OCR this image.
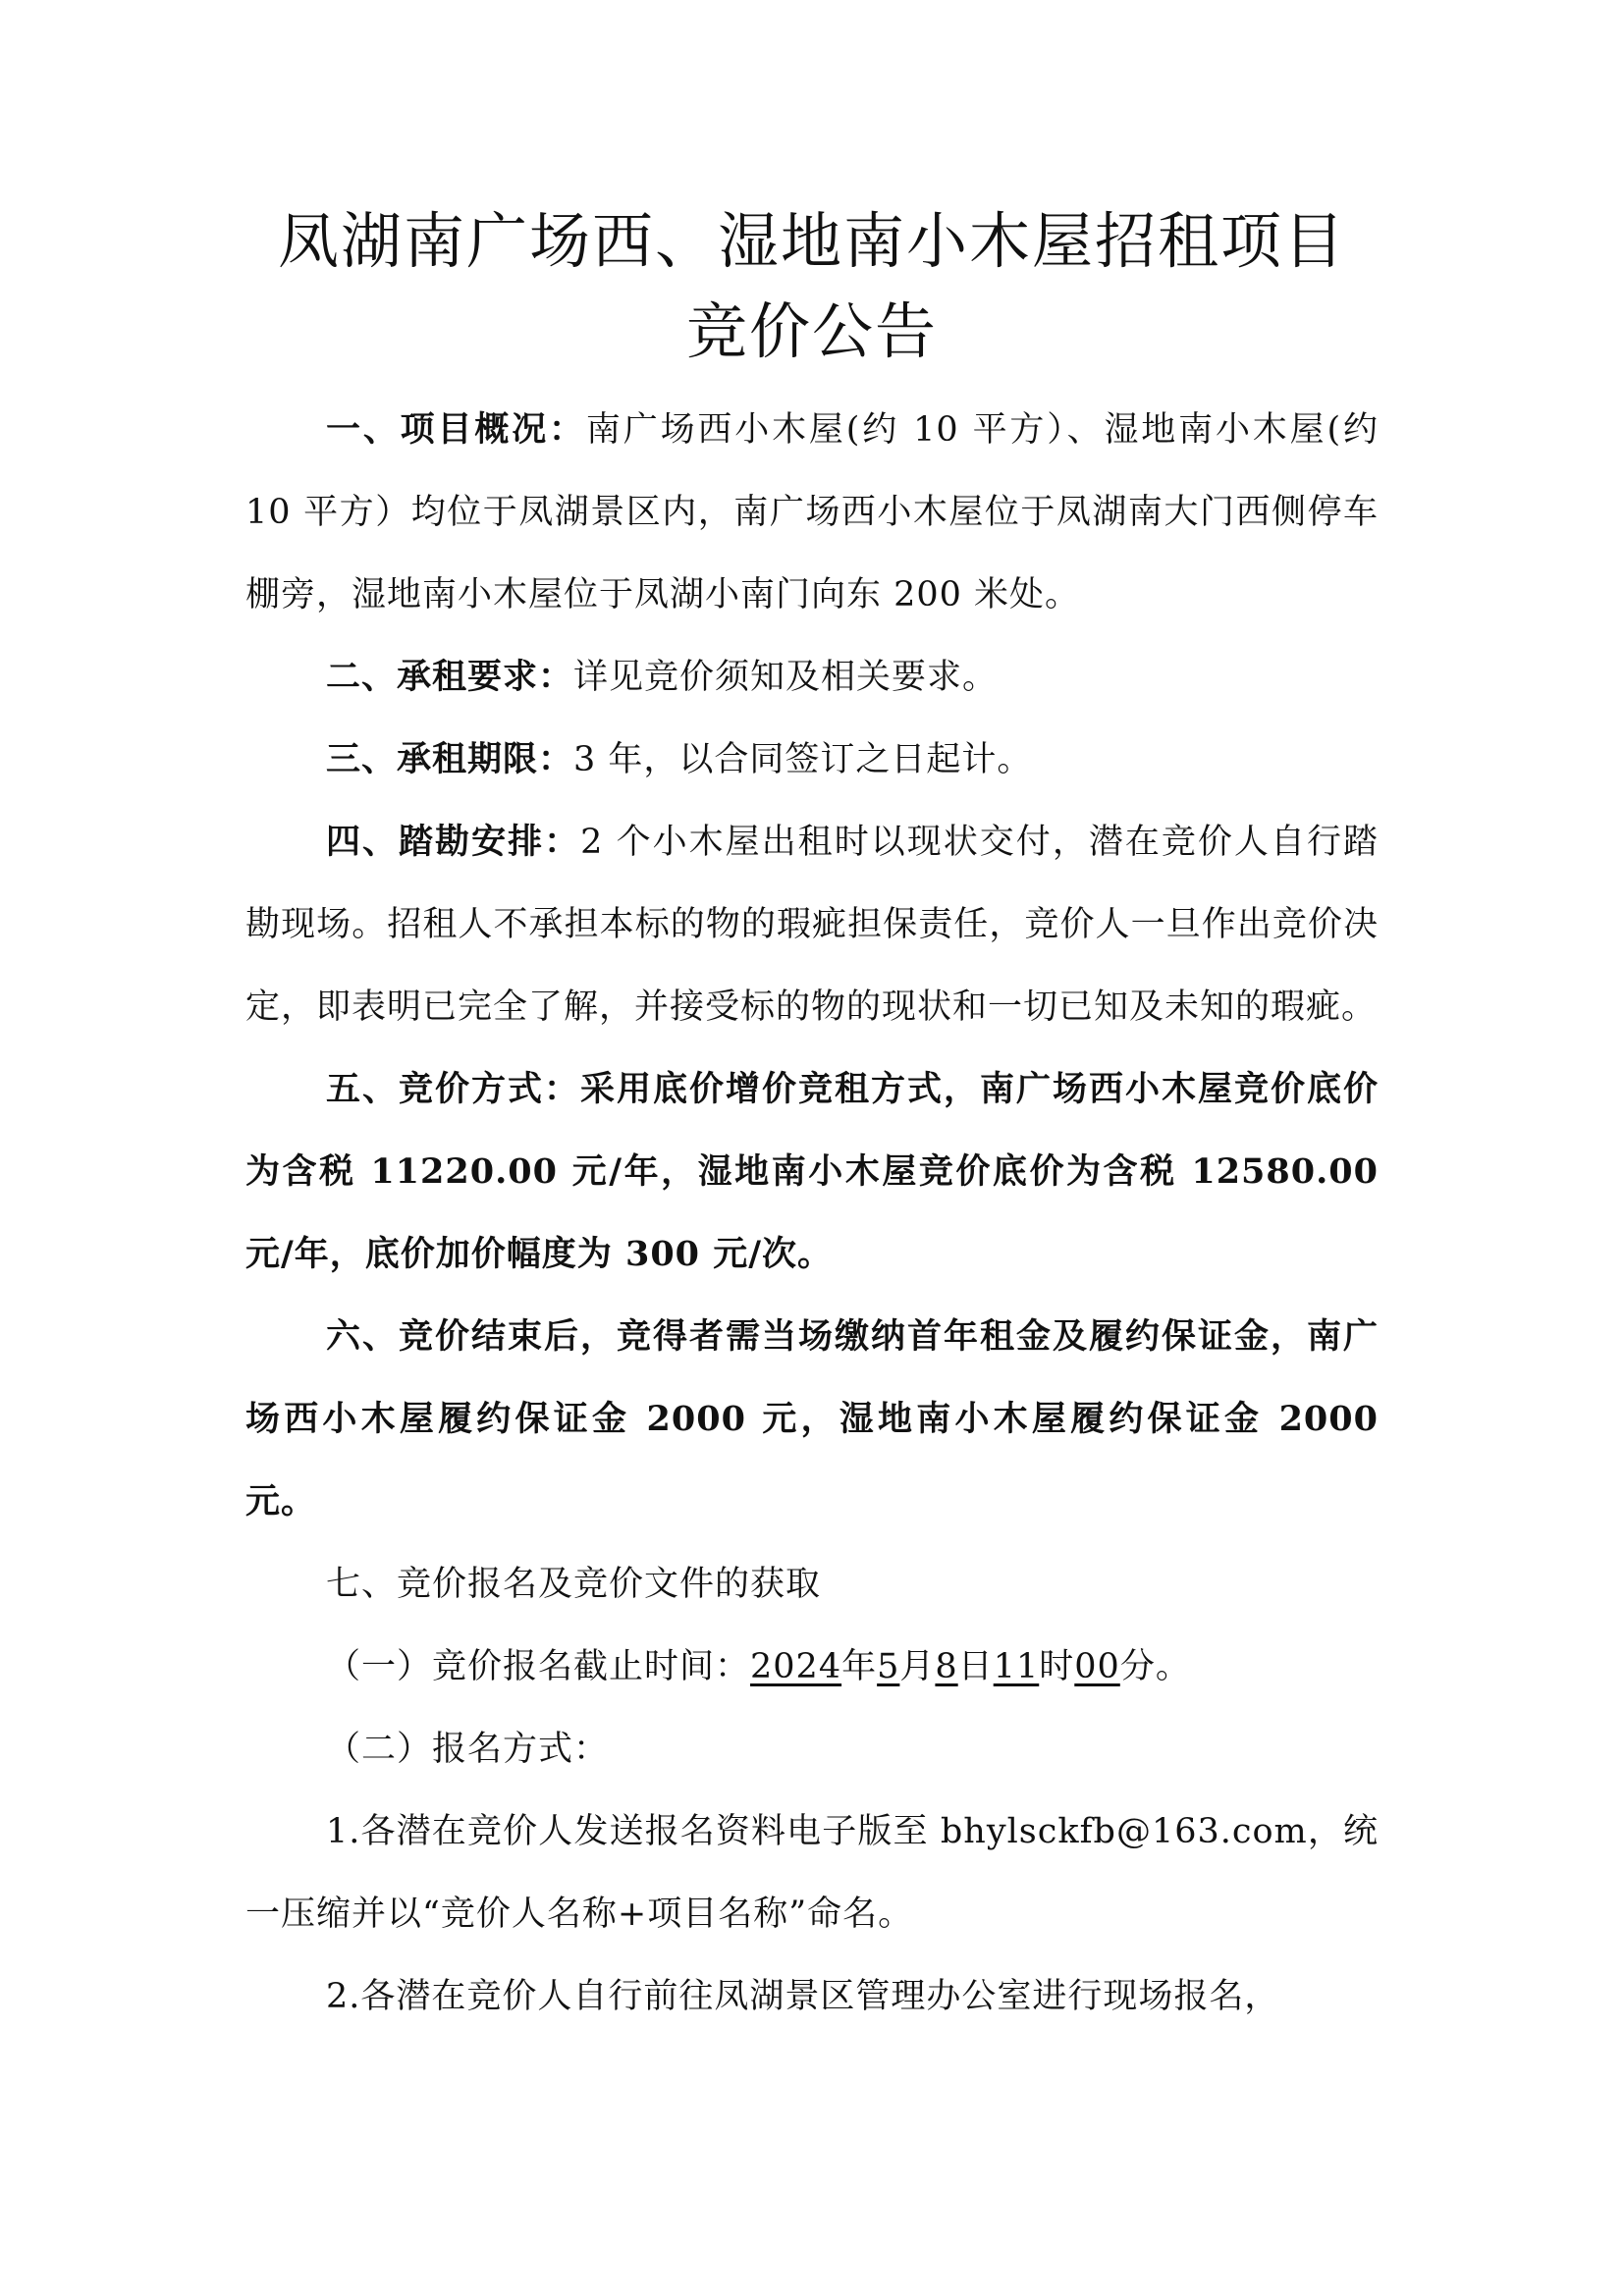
凤湖南广场西、湿地南小木屋招租项目
竞价公告

一、项目概况：南广场西小木屋(约 10 平方）、湿地南小木屋(约 10 平方）均位于凤湖景区内，南广场西小木屋位于凤湖南大门西侧停车棚旁，湿地南小木屋位于凤湖小南门向东 200 米处。

二、承租要求：详见竞价须知及相关要求。

三、承租期限：3 年，以合同签订之日起计。

四、踏勘安排：2 个小木屋出租时以现状交付，潜在竞价人自行踏勘现场。招租人不承担本标的物的瑕疵担保责任，竞价人一旦作出竞价决定，即表明已完全了解，并接受标的物的现状和一切已知及未知的瑕疵。

五、竞价方式：采用底价增价竞租方式，南广场西小木屋竞价底价为含税 11220.00 元/年，湿地南小木屋竞价底价为含税 12580.00 元/年，底价加价幅度为 300 元/次。

六、竞价结束后，竞得者需当场缴纳首年租金及履约保证金，南广场西小木屋履约保证金 2000 元，湿地南小木屋履约保证金 2000 元。

七、竞价报名及竞价文件的获取

（一）竞价报名截止时间：2024年5月8日11时00分。

（二）报名方式：

1.各潜在竞价人发送报名资料电子版至 bhylsckfb@163.com，统一压缩并以“竞价人名称+项目名称”命名。

2.各潜在竞价人自行前往凤湖景区管理办公室进行现场报名，
